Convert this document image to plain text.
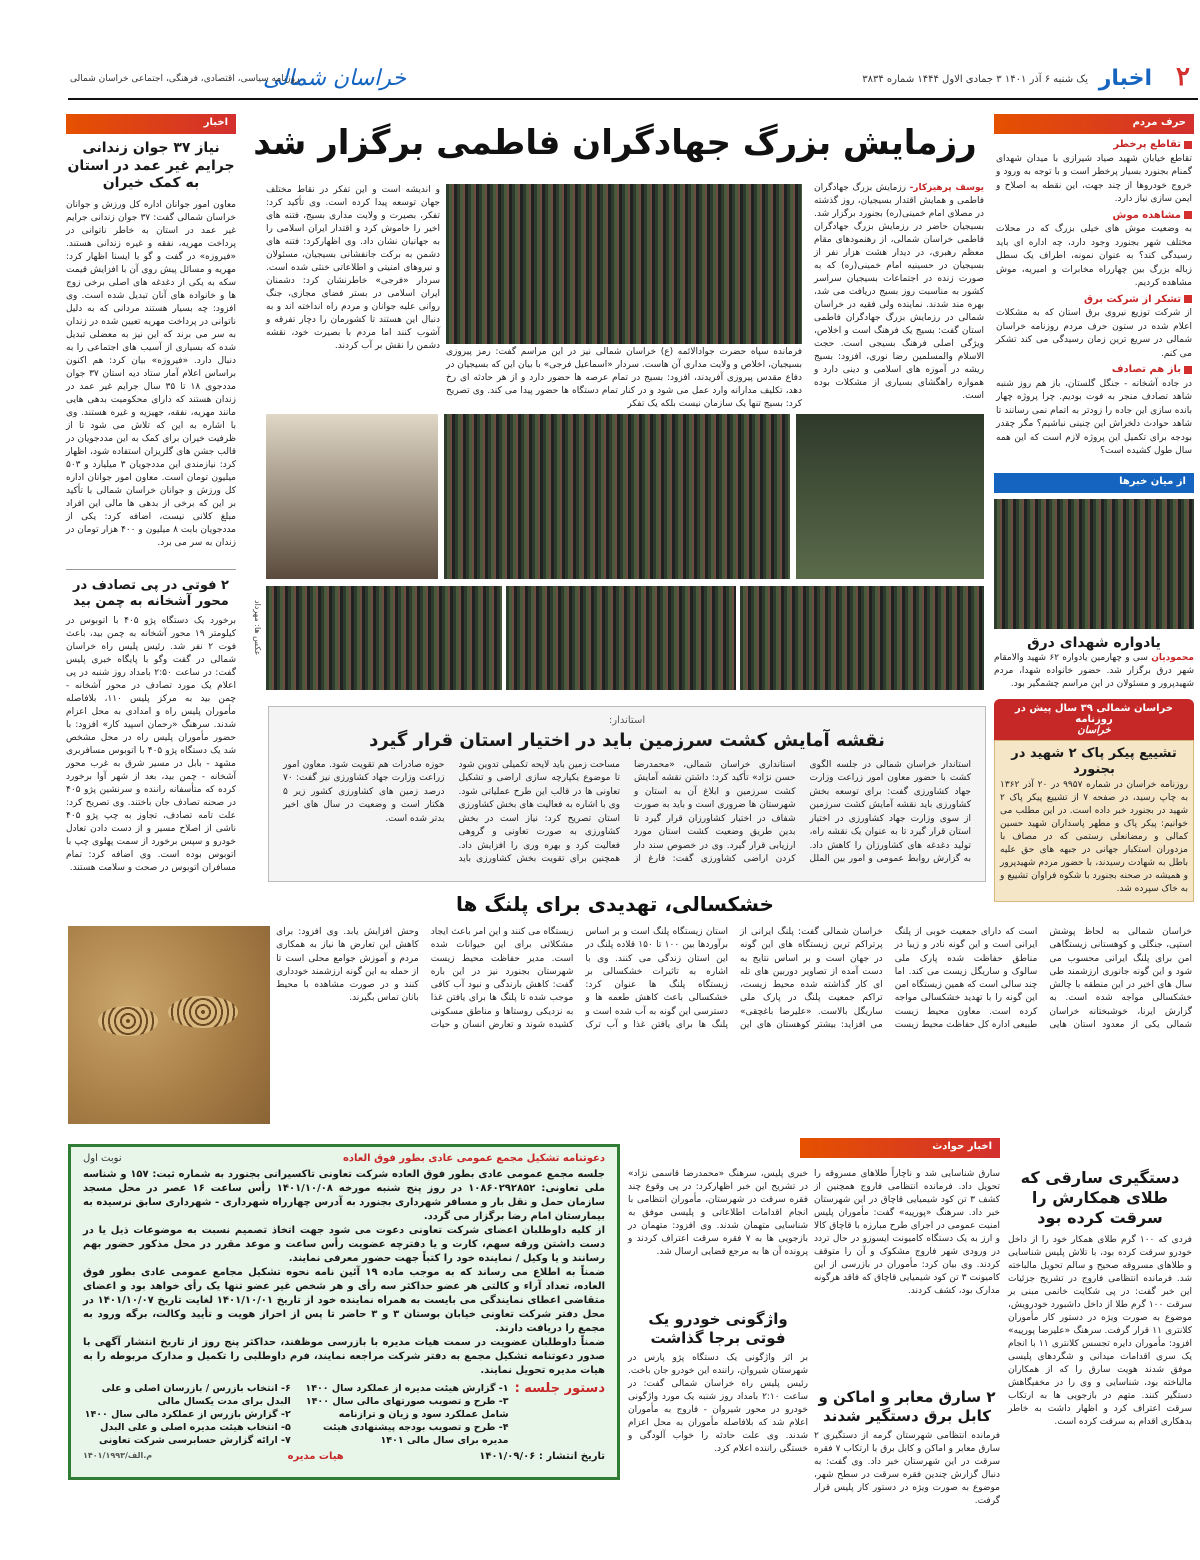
۲
اخبار
یک شنبه ۶ آذر ۱۴۰۱ ۳ جمادی الاول ۱۴۴۴ شماره ۳۸۳۴
خراسان شمالی
روزنامه سیاسی، اقتصادی، فرهنگی، اجتماعی خراسان شمالی
حرف مردم
تقاطع پرخطر

تقاطع خیابان شهید صیاد شیرازی با میدان شهدای گمنام بجنورد بسیار پرخطر است و با توجه به ورود و خروج خودروها از چند جهت، این نقطه به اصلاح و ایمن سازی نیاز دارد.

مشاهده موش

به وضعیت موش های خیلی بزرگ که در محلات مختلف شهر بجنورد وجود دارد، چه اداره ای باید رسیدگی کند؟ به عنوان نمونه، اطراف یک سطل زباله بزرگ بین چهارراه مخابرات و امیریه، موش مشاهده کردیم.

تشکر از شرکت برق

از شرکت توزیع نیروی برق استان که به مشکلات اعلام شده در ستون حرف مردم روزنامه خراسان شمالی در سریع ترین زمان رسیدگی می کند تشکر می کنم.

باز هم تصادف

در جاده آشخانه - جنگل گلستان، باز هم روز شنبه شاهد تصادف منجر به فوت بودیم. چرا پروژه چهار بانده سازی این جاده را زودتر به اتمام نمی رسانند تا شاهد حوادث دلخراش این چنینی نباشیم؟ مگر چقدر بودجه برای تکمیل این پروژه لازم است که این همه سال طول کشیده است؟

از میان خبرها
یادواره شهدای درق
محمودیان سی و چهارمین یادواره ۶۲ شهید والامقام شهر درق برگزار شد. حضور خانواده شهدا، مردم شهیدپرور و مسئولان در این مراسم چشمگیر بود.
خراسان شمالی ۳۹ سال پیش در روزنامه
خراسان
تشییع پیکر پاک ۲ شهید در بجنورد
روزنامه خراسان در شماره ۹۹۵۷ در ۲۰ آذر ۱۳۶۲ به چاپ رسید، در صفحه ۷ از تشییع پیکر پاک ۲ شهید در بجنورد خبر داده است. در این مطلب می خوانیم: پیکر پاک و مطهر پاسداران شهید حسین کمالی و رمضانعلی رستمی که در مصاف با مزدوران استکبار جهانی در جبهه های حق علیه باطل به شهادت رسیدند، با حضور مردم شهیدپرور و همیشه در صحنه بجنورد با شکوه فراوان تشییع و به خاک سپرده شد.
اخبار
نیاز ۳۷ جوان زندانی جرایم غیر عمد در استان به کمک خیران
معاون امور جوانان اداره کل ورزش و جوانان خراسان شمالی گفت: ۳۷ جوان زندانی جرایم غیر عمد در استان به خاطر ناتوانی در پرداخت مهریه، نفقه و غیره زندانی هستند. «فیروزه» در گفت و گو با ایسنا اظهار کرد: مهریه و مسائل پیش روی آن با افزایش قیمت سکه به یکی از دغدغه های اصلی برخی زوج ها و خانواده های آنان تبدیل شده است. وی افزود: چه بسیار هستند مردانی که به دلیل ناتوانی در پرداخت مهریه تعیین شده در زندان به سر می برند که این نیز به معضلی تبدیل شده که بسیاری از آسیب های اجتماعی را به دنبال دارد. «فیروزه» بیان کرد: هم اکنون براساس اعلام آمار ستاد دیه استان ۳۷ جوان مددجوی ۱۸ تا ۳۵ سال جرایم غیر عمد در زندان هستند که دارای محکومیت بدهی هایی مانند مهریه، نفقه، جهیزیه و غیره هستند. وی با اشاره به این که تلاش می شود تا از ظرفیت خیران برای کمک به این مددجویان در قالب جشن های گلریزان استفاده شود، اظهار کرد: نیازمندی این مددجویان ۳ میلیارد و ۵۰۳ میلیون تومان است. معاون امور جوانان اداره کل ورزش و جوانان خراسان شمالی با تأکید بر این که برخی از بدهی ها مالی این افراد مبلغ کلانی نیست، اضافه کرد: یکی از مددجویان بابت ۸ میلیون و ۴۰۰ هزار تومان در زندان به سر می برد.
۲ فوتی در پی تصادف در محور آشخانه به چمن بید
برخورد یک دستگاه پژو ۴۰۵ با اتوبوس در کیلومتر ۱۹ محور آشخانه به چمن بید، باعث فوت ۲ نفر شد. رئیس پلیس راه خراسان شمالی در گفت وگو با پایگاه خبری پلیس گفت: در ساعت ۲:۵۰ بامداد روز شنبه در پی اعلام یک مورد تصادف در محور آشخانه - چمن بید به مرکز پلیس ۱۱۰، بلافاصله مأموران پلیس راه و امدادی به محل اعزام شدند. سرهنگ «رحمان اسپید کار» افزود: با حضور مأموران پلیس راه در محل مشخص شد یک دستگاه پژو ۴۰۵ با اتوبوس مسافربری مشهد - بابل در مسیر شرق به غرب محور آشخانه - چمن بید، بعد از شهر آوا برخورد کرده که متأسفانه راننده و سرنشین پژو ۴۰۵ در صحنه تصادف جان باختند. وی تصریح کرد: علت تامه تصادف، تجاوز به چپ پژو ۴۰۵ ناشی از اصلاح مسیر و از دست دادن تعادل خودرو و سپس برخورد از سمت پهلوی چپ با اتوبوس بوده است. وی اضافه کرد: تمام مسافران اتوبوس در صحت و سلامت هستند.
رزمایش بزرگ جهادگران فاطمی برگزار شد
یوسف پرهیزکار- رزمایش بزرگ جهادگران فاطمی و همایش اقتدار بسیجیان، روز گذشته در مصلای امام خمینی(ره) بجنورد برگزار شد. بسیجیان حاضر در رزمایش بزرگ جهادگران فاطمی خراسان شمالی، از رهنمودهای مقام معظم رهبری، در دیدار هشت هزار نفر از بسیجیان در حسینیه امام خمینی(ره) که به صورت زنده در اجتماعات بسیجیان سراسر کشور به مناسبت روز بسیج دریافت می شد، بهره مند شدند. نماینده ولی فقیه در خراسان شمالی در رزمایش بزرگ جهادگران فاطمی استان گفت: بسیج یک فرهنگ است و اخلاص، ویژگی اصلی فرهنگ بسیجی است. حجت الاسلام والمسلمین رضا نوری، افزود: بسیج ریشه در آموزه های اسلامی و دینی دارد و همواره راهگشای بسیاری از مشکلات بوده است.
فرمانده سپاه حضرت جوادالائمه (ع) خراسان شمالی نیز در این مراسم گفت: رمز پیروزی بسیجیان، اخلاص و ولایت مداری آن هاست. سردار «اسماعیل فرجی» با بیان این که بسیجیان در دفاع مقدس پیروزی آفریدند، افزود: بسیج در تمام عرصه ها حضور دارد و از هر حادثه ای رخ دهد، تکلیف مدارانه وارد عمل می شود و در کنار تمام دستگاه ها حضور پیدا می کند. وی تصریح کرد: بسیج تنها یک سازمان نیست بلکه یک تفکر
و اندیشه است و این تفکر در نقاط مختلف جهان توسعه پیدا کرده است. وی تأکید کرد: تفکر، بصیرت و ولایت مداری بسیج، فتنه های اخیر را خاموش کرد و اقتدار ایران اسلامی را به جهانیان نشان داد. وی اظهارکرد: فتنه های دشمن به برکت جانفشانی بسیجیان، مسئولان و نیروهای امنیتی و اطلاعاتی خنثی شده است. سردار «فرجی» خاطرنشان کرد: دشمنان ایران اسلامی در بستر فضای مجازی، جنگ روانی علیه جوانان و مردم راه انداخته اند و به دنبال این هستند تا کشورمان را دچار تفرقه و آشوب کنند اما مردم با بصیرت خود، نقشه دشمن را نقش بر آب کردند.
عکس ها: مهرداد
استاندار:
نقشه آمایش کشت سرزمین باید در اختیار استان قرار گیرد
استاندار خراسان شمالی در جلسه الگوی کشت با حضور معاون امور زراعت وزارت جهاد کشاورزی گفت: برای توسعه بخش کشاورزی باید نقشه آمایش کشت سرزمین از سوی وزارت جهاد کشاورزی در اختیار استان قرار گیرد تا به عنوان یک نقشه راه، تولید دغدغه های کشاورزان را کاهش داد. به گزارش روابط عمومی و امور بین الملل استانداری خراسان شمالی، «محمدرضا حسن نژاد» تأکید کرد: داشتن نقشه آمایش کشت سرزمین و ابلاغ آن به استان و شهرستان ها ضروری است و باید به صورت شفاف در اختیار کشاورزان قرار گیرد تا بدین طریق وضعیت کشت استان مورد ارزیابی قرار گیرد. وی در خصوص سند دار کردن اراضی کشاورزی گفت: فارغ از مساحت زمین باید لایحه تکمیلی تدوین شود تا موضوع یکپارچه سازی اراضی و تشکیل تعاونی ها در قالب این طرح عملیاتی شود. وی با اشاره به فعالیت های بخش کشاورزی استان تصریح کرد: نیاز است در بخش کشاورزی به صورت تعاونی و گروهی فعالیت کرد و بهره وری را افزایش داد. همچنین برای تقویت بخش کشاورزی باید حوزه صادرات هم تقویت شود. معاون امور زراعت وزارت جهاد کشاورزی نیز گفت: ۷۰ درصد زمین های کشاورزی کشور زیر ۵ هکتار است و وضعیت در سال های اخیر بدتر شده است.
خشکسالی، تهدیدی برای پلنگ ها
خراسان شمالی به لحاظ پوشش استپی، جنگلی و کوهستانی زیستگاهی امن برای پلنگ ایرانی محسوب می شود و این گونه جانوری ارزشمند طی سال های اخیر در این منطقه با چالش خشکسالی مواجه شده است. به گزارش ایرنا، خوشبختانه خراسان شمالی یکی از معدود استان هایی است که دارای جمعیت خوبی از پلنگ ایرانی است و این گونه نادر و زیبا در مناطق حفاظت شده پارک ملی سالوک و ساریگل زیست می کند. اما چند سالی است که همین زیستگاه امن این گونه را با تهدید خشکسالی مواجه کرده است. معاون محیط زیست طبیعی اداره کل حفاظت محیط زیست خراسان شمالی گفت: پلنگ ایرانی از پرتراکم ترین زیستگاه های این گونه در جهان است و بر اساس نتایج به دست آمده از تصاویر دوربین های تله ای کار گذاشته شده محیط زیست، تراکم جمعیت پلنگ در پارک ملی ساریگل بالاست. «علیرضا باغچقی» می افزاید: بیشتر کوهستان های این استان زیستگاه پلنگ است و بر اساس برآوردها بین ۱۰۰ تا ۱۵۰ قلاده پلنگ در این استان زندگی می کنند. وی با اشاره به تاثیرات خشکسالی بر زیستگاه پلنگ ها عنوان کرد: خشکسالی باعث کاهش طعمه ها و دسترسی این گونه به آب شده است و پلنگ ها برای یافتن غذا و آب ترک زیستگاه می کنند و این امر باعث ایجاد مشکلاتی برای این حیوانات شده است. مدیر حفاظت محیط زیست شهرستان بجنورد نیز در این باره گفت: کاهش بارندگی و نبود آب کافی موجب شده تا پلنگ ها برای یافتن غذا به نزدیکی روستاها و مناطق مسکونی کشیده شوند و تعارض انسان و حیات وحش افزایش یابد. وی افزود: برای کاهش این تعارض ها نیاز به همکاری مردم و آموزش جوامع محلی است تا از حمله به این گونه ارزشمند خودداری کنند و در صورت مشاهده با محیط بانان تماس بگیرند.
اخبار حوادث
دستگیری سارقی که طلای همکارش را سرقت کرده بود
فردی که ۱۰۰ گرم طلای همکار خود را از داخل خودرو سرقت کرده بود، با تلاش پلیس شناسایی و طلاهای مسروقه صحیح و سالم تحویل مالباخته شد. فرمانده انتظامی فاروج در تشریح جزئیات این خبر گفت: در پی شکایت خانمی مبنی بر سرقت ۱۰۰ گرم طلا از داخل داشبورد خودرویش، موضوع به صورت ویژه در دستور کار مأموران کلانتری ۱۱ قرار گرفت. سرهنگ «علیرضا پورپیه» افزود: مأموران دایره تجسس کلانتری ۱۱ با انجام یک سری اقدامات میدانی و شگردهای پلیسی موفق شدند هویت سارق را که از همکاران مالباخته بود، شناسایی و وی را در مخفیگاهش دستگیر کنند. متهم در بازجویی ها به ارتکاب سرقت اعتراف کرد و اظهار داشت به خاطر بدهکاری اقدام به سرقت کرده است.
سارق شناسایی شد و ناچاراً طلاهای مسروقه را تحویل داد. فرمانده انتظامی فاروج همچنین از کشف ۳ تن کود شیمیایی قاچاق در این شهرستان خبر داد. سرهنگ «پورپیه» گفت: مأموران پلیس امنیت عمومی در اجرای طرح مبارزه با قاچاق کالا و ارز به یک دستگاه کامیونت ایسوزو در حال تردد در ورودی شهر فاروج مشکوک و آن را متوقف کردند. وی بیان کرد: مأموران در بازرسی از این کامیونت ۳ تن کود شیمیایی قاچاق که فاقد هرگونه مدارک بود، کشف کردند.
۲ سارق معابر و اماکن و کابل برق دستگیر شدند
فرمانده انتظامی شهرستان گرمه از دستگیری ۲ سارق معابر و اماکن و کابل برق با ارتکاب ۷ فقره سرقت در این شهرستان خبر داد. وی گفت: به دنبال گزارش چندین فقره سرقت در سطح شهر، موضوع به صورت ویژه در دستور کار پلیس قرار گرفت.
خبری پلیس، سرهنگ «محمدرضا قاسمی نژاد» در تشریح این خبر اظهارکرد: در پی وقوع چند فقره سرقت در شهرستان، مأموران انتظامی با انجام اقدامات اطلاعاتی و پلیسی موفق به شناسایی متهمان شدند. وی افزود: متهمان در بازجویی ها به ۷ فقره سرقت اعتراف کردند و پرونده آن ها به مرجع قضایی ارسال شد.
واژگونی خودرو یک فوتی برجا گذاشت
بر اثر واژگونی یک دستگاه پژو پارس در شهرستان شیروان، راننده این خودرو جان باخت. رئیس پلیس راه خراسان شمالی گفت: در ساعت ۲:۱۰ بامداد روز شنبه یک مورد واژگونی خودرو در محور شیروان - فاروج به مأموران اعلام شد که بلافاصله مأموران به محل اعزام شدند. وی علت حادثه را خواب آلودگی و خستگی راننده اعلام کرد.
دعوتنامه تشکیل مجمع عمومی عادی بطور فوق العاده
نوبت اول

جلسه مجمع عمومی عادی بطور فوق العاده شرکت تعاونی تاکسیرانی بجنورد به شماره ثبت: ۱۵۷ و شناسه ملی تعاونی: ۱۰۸۶۰۲۹۲۸۵۲ در روز پنج شنبه مورخه ۱۴۰۱/۱۰/۰۸ رأس ساعت ۱۶ عصر در محل مسجد سازمان حمل و نقل بار و مسافر شهرداری بجنورد به آدرس چهارراه شهرداری - شهرداری سابق نرسیده به بیمارستان امام رضا برگزار می گردد.

از کلیه داوطلبان اعضای شرکت تعاونی دعوت می شود جهت اتخاذ تصمیم نسبت به موضوعات ذیل یا در دست داشتن ورقه سهم، کارت و یا دفترچه عضویت رأس ساعت و موعد مقرر در محل مذکور حضور بهم رسانند و یا وکیل / نماینده خود را کتباً جهت حضور معرفی نمایند.

ضمناً به اطلاع می رساند که به موجب ماده ۱۹ آئین نامه نحوه تشکیل مجامع عمومی عادی بطور فوق العاده، تعداد آراء و کالتی هر عضو حداکثر سه رأی و هر شخص غیر عضو تنها یک رأی خواهد بود و اعضای متقاضی اعطای نمایندگی می بایست به همراه نماینده خود از تاریخ ۱۴۰۱/۱۰/۰۱ لغایت تاریخ ۱۴۰۱/۱۰/۰۷ در محل دفتر شرکت تعاونی خیابان بوستان ۳ و ۳ حاضر تا پس از احراز هویت و تأیید وکالت، برگه ورود به مجمع را دریافت دارند.

ضمناً داوطلبان عضویت در سمت هیات مدیره با بازرسی موظفند، حداکثر پنج روز از تاریخ انتشار آگهی با صدور دعوتنامه تشکیل مجمع به دفتر شرکت مراجعه نمایند، فرم داوطلبی را تکمیل و مدارک مربوطه را به هیات مدیره تحویل نمایند.

دستور جلسه :
۱- گزارش هیئت مدیره از عملکرد سال ۱۴۰۰
۳- طرح و تصویب صورتهای مالی سال ۱۴۰۰ شامل عملکرد سود و زیان و ترازنامه
۴- طرح و تصویب بودجه پیشنهادی هیئت مدیره برای سال مالی ۱۴۰۱
۶- انتخاب بازرس / بازرسان اصلی و علی البدل برای مدت یکسال مالی
۲- گزارش بازرس از عملکرد مالی سال ۱۴۰۰
۵- انتخاب هیئت مدیره اصلی و علی البدل
۷- ارائه گزارش حسابرسی شرکت تعاونی
تاریخ انتشار : ۱۴۰۱/۰۹/۰۶
هیات مدیره
م.الف/۱۴۰۱/۱۹۹۳
